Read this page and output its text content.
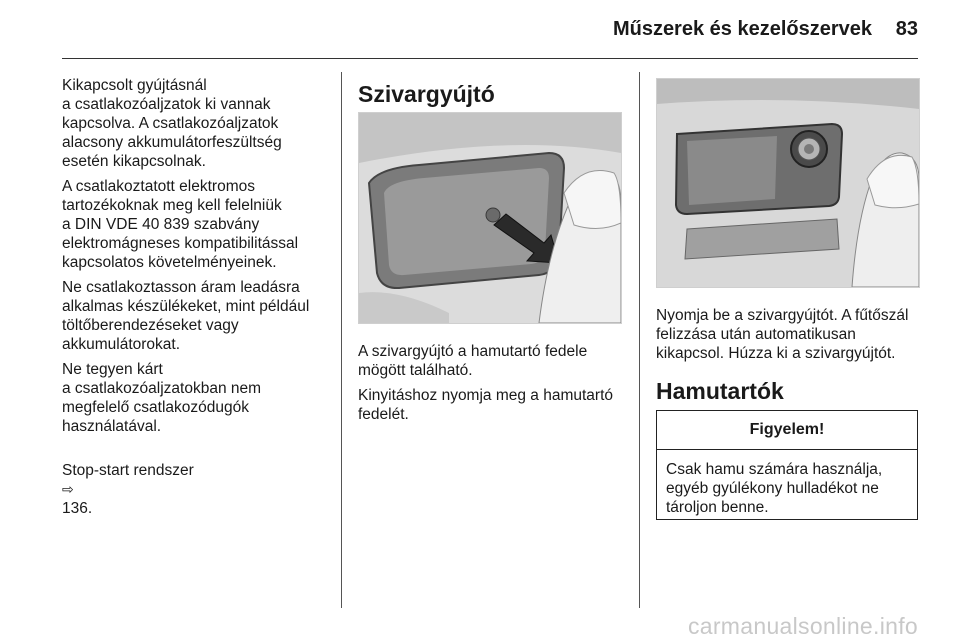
Műszerek és kezelőszervek 83

Kikapcsolt gyújtásnál
a csatlakozóaljzatok ki vannak
kapcsolva. A csatlakozóaljzatok
alacsony akkumulátorfeszültség
esetén kikapcsolnak.

A csatlakoztatott elektromos
tartozékoknak meg kell felelniük
a DIN VDE 40 839 szabvány
elektromágneses kompatibilitással
kapcsolatos követelményeinek.

Ne csatlakoztasson áram leadásra
alkalmas készülékeket, mint például
töltőberendezéseket vagy
akkumulátorokat.

Ne tegyen kárt
a csatlakozóaljzatokban nem
megfelelő csatlakozódugók
használatával.

Stop-start rendszer
⇨
136.

Szivargyújtó

A szivargyújtó a hamutartó fedele
mögött található.

Kinyitáshoz nyomja meg a hamutartó
fedelét.

Nyomja be a szivargyújtót. A fűtőszál
felizzása után automatikusan
kikapcsol. Húzza ki a szivargyújtót.

Hamutartók
Figyelem!
Csak hamu számára használja,
egyéb gyúlékony hulladékot ne
tároljon benne.
carmanualsonline.info
